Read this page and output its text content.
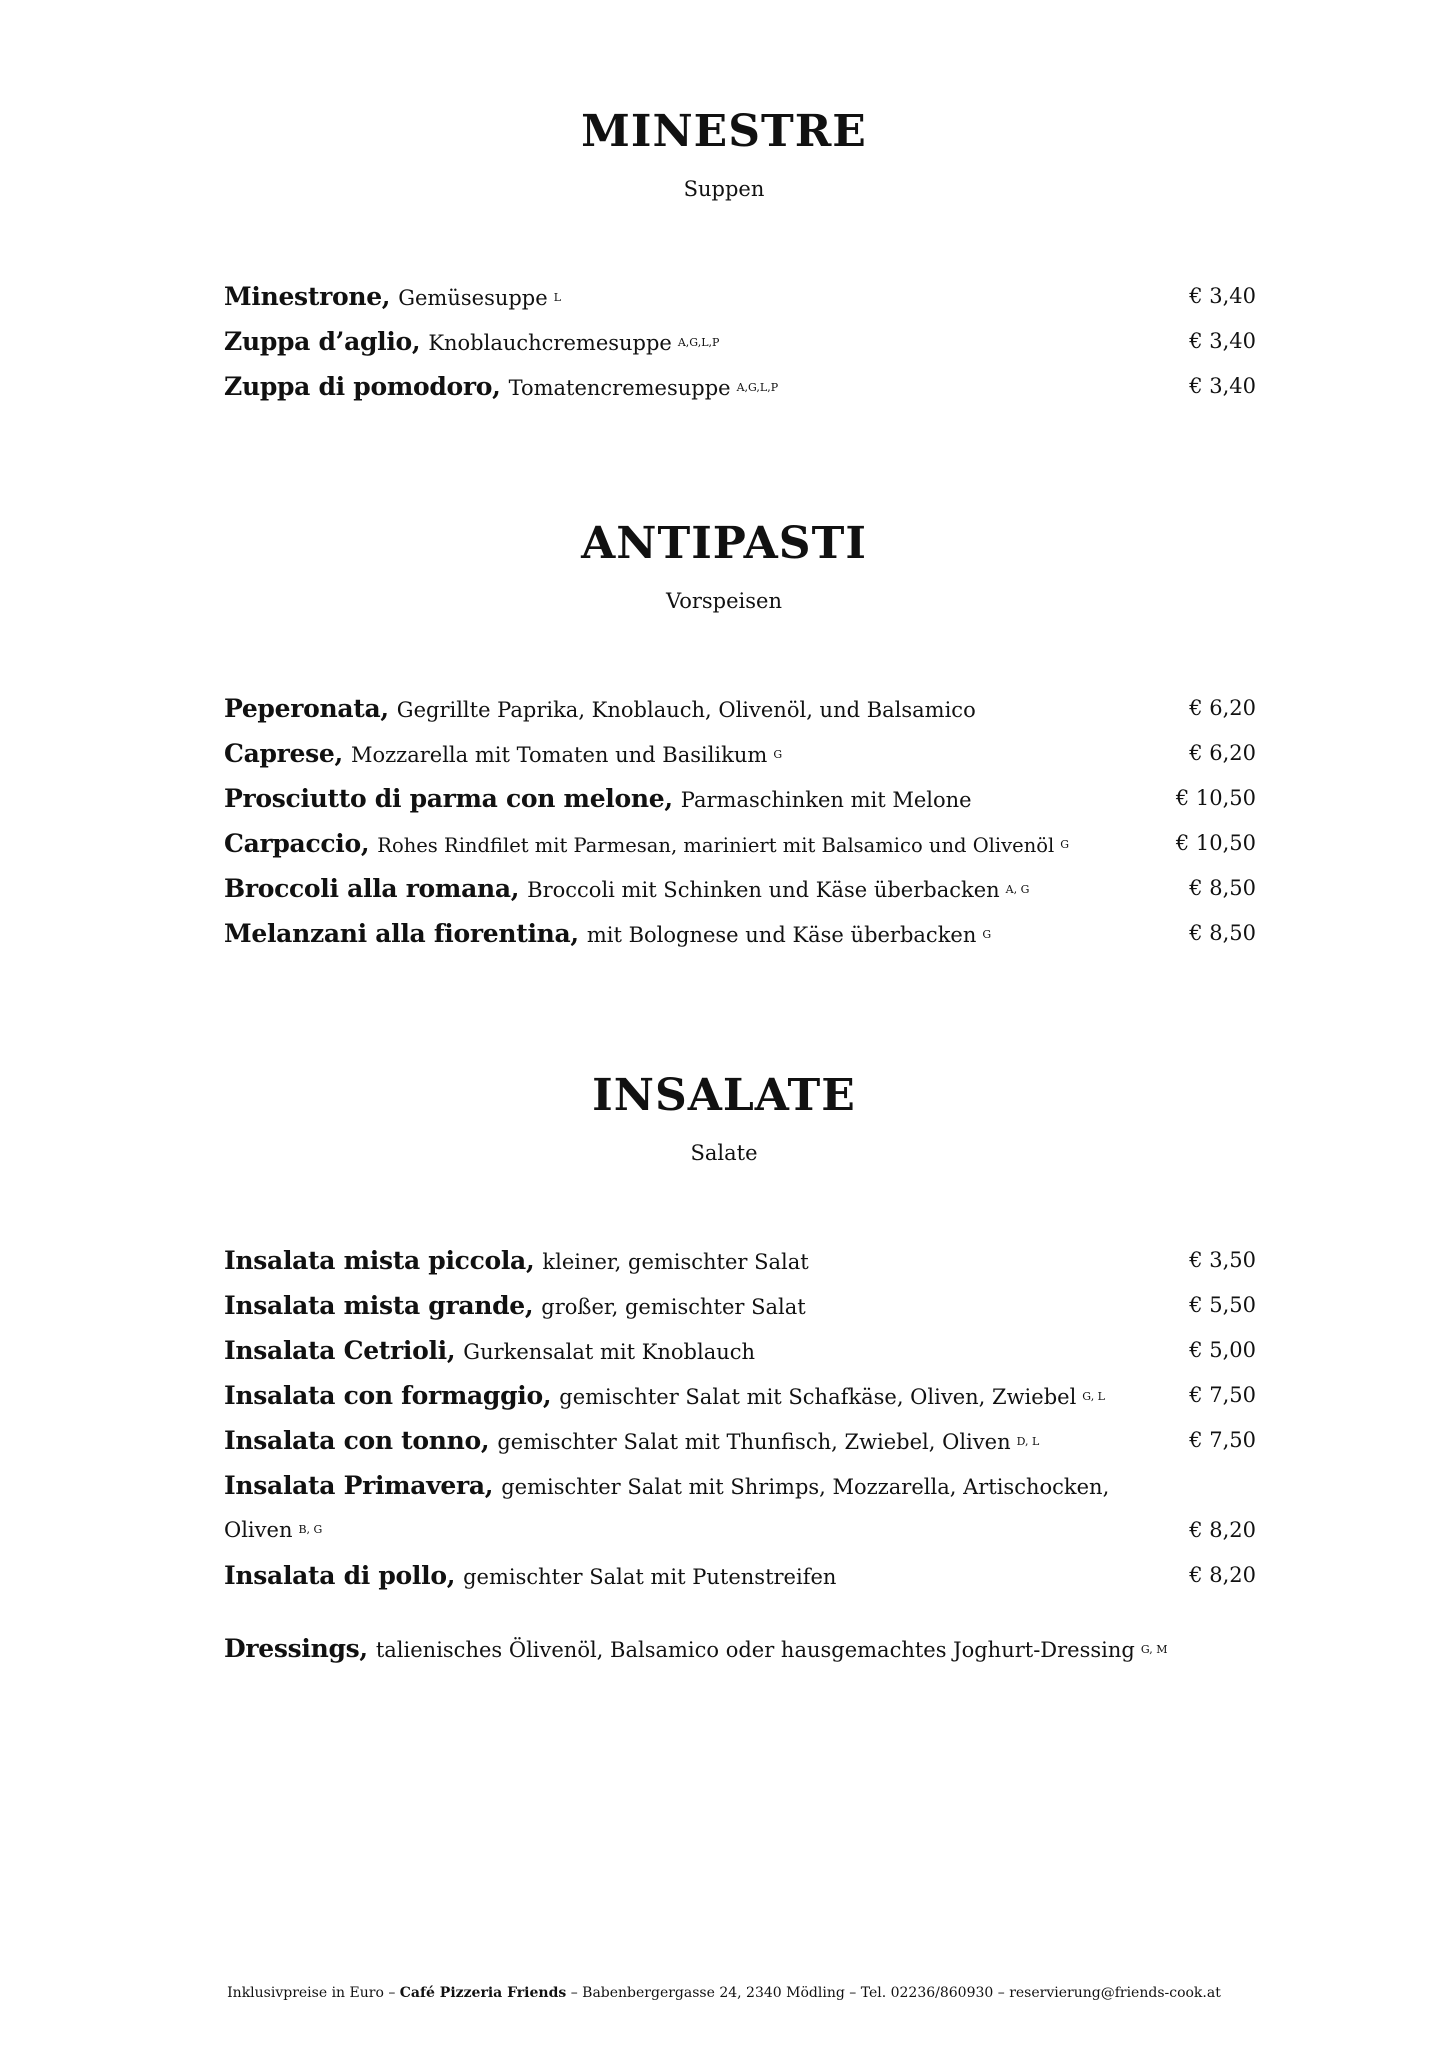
MINESTRE
Suppen
Minestrone, Gemüsesuppe $^L$	€ 3,40
Zuppa d’aglio, Knoblauchcremesuppe $^{A,G,L,P}$	€ 3,40
Zuppa di pomodoro, Tomatencremesuppe $^{A,G,L,P}$	€ 3,40
ANTIPASTI
Vorspeisen
Peperonata, Gegrillte Paprika, Knoblauch, Olivenöl, und Balsamico	€ 6,20
Caprese, Mozzarella mit Tomaten und Basilikum $^G$	€ 6,20
Prosciutto di parma con melone, Parmaschinken mit Melone	€ 10,50
Carpaccio, Rohes Rindfilet mit Parmesan, mariniert mit Balsamico und Olivenöl $^G$	€ 10,50
Broccoli alla romana, Broccoli mit Schinken und Käse überbacken $^{A, G}$	€ 8,50
Melanzani alla fiorentina, mit Bolognese und Käse überbacken $^G$	€ 8,50
INSALATE
Salate
Insalata mista piccola, kleiner, gemischter Salat	€ 3,50
Insalata mista grande, großer, gemischter Salat	€ 5,50
Insalata Cetrioli, Gurkensalat mit Knoblauch	€ 5,00
Insalata con formaggio, gemischter Salat mit Schafkäse, Oliven, Zwiebel $^{G, L}$	€ 7,50
Insalata con tonno, gemischter Salat mit Thunfisch, Zwiebel, Oliven $^{D, L}$	€ 7,50
Insalata Primavera, gemischter Salat mit Shrimps, Mozzarella, Artischocken,
Oliven $^{B, G}$	€ 8,20
Insalata di pollo, gemischter Salat mit Putenstreifen	€ 8,20
Dressings, talienisches Ölivenöl, Balsamico oder hausgemachtes Joghurt-Dressing $^{G, M}$
Inklusivpreise in Euro – Café Pizzeria Friends – Babenbergergasse 24, 2340 Mödling – Tel. 02236/860930 – reservierung@friends-cook.at
